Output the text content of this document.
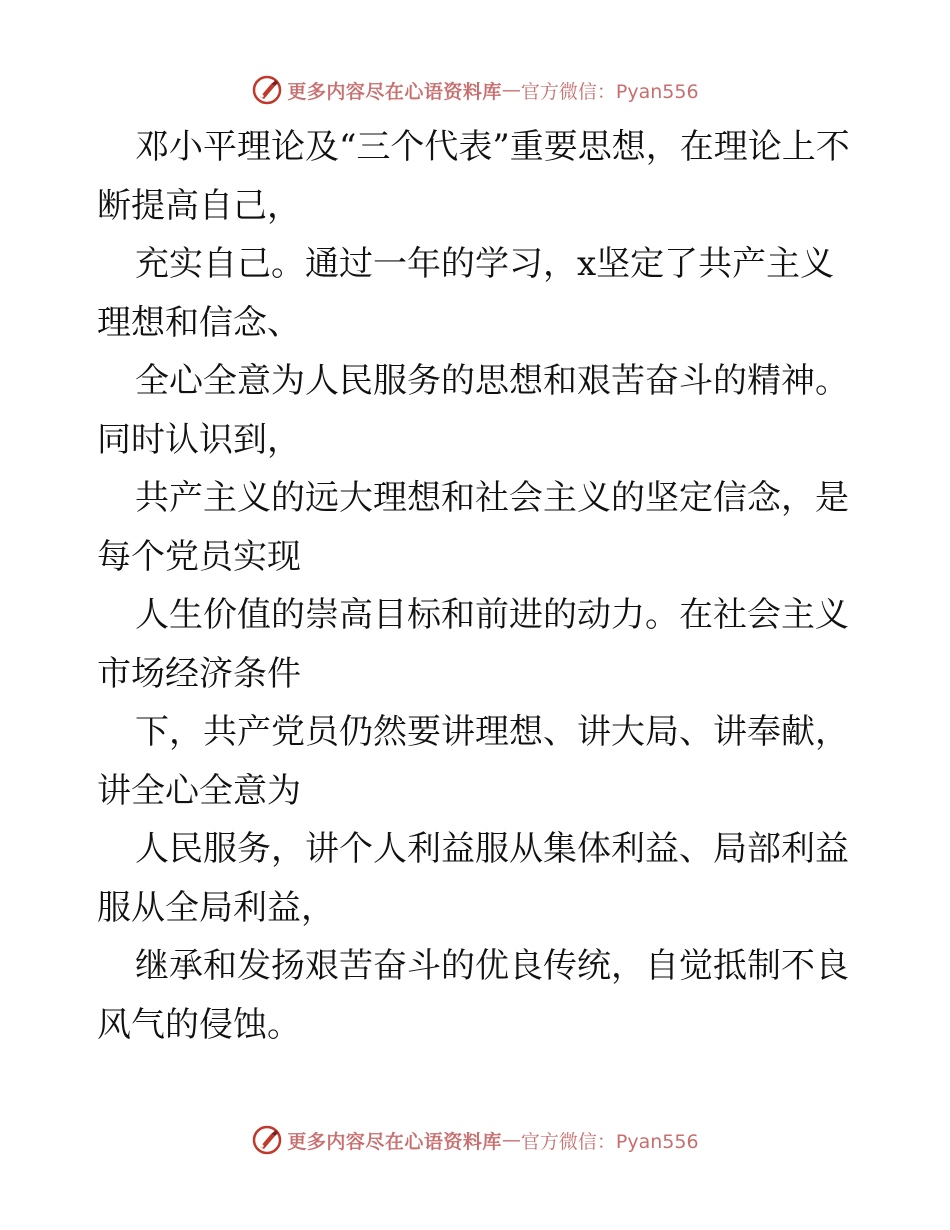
更多内容尽在心语资料库 — 官方微信：Pyan556

邓小平理论及“三个代表”重要思想，在理论上不断提高自己，

充实自己。通过一年的学习，x坚定了共产主义理想和信念、

全心全意为人民服务的思想和艰苦奋斗的精神。同时认识到，

共产主义的远大理想和社会主义的坚定信念，是每个党员实现

人生价值的崇高目标和前进的动力。在社会主义市场经济条件

下，共产党员仍然要讲理想、讲大局、讲奉献，讲全心全意为

人民服务，讲个人利益服从集体利益、局部利益服从全局利益，

继承和发扬艰苦奋斗的优良传统，自觉抵制不良风气的侵蚀。

更多内容尽在心语资料库 — 官方微信：Pyan556
